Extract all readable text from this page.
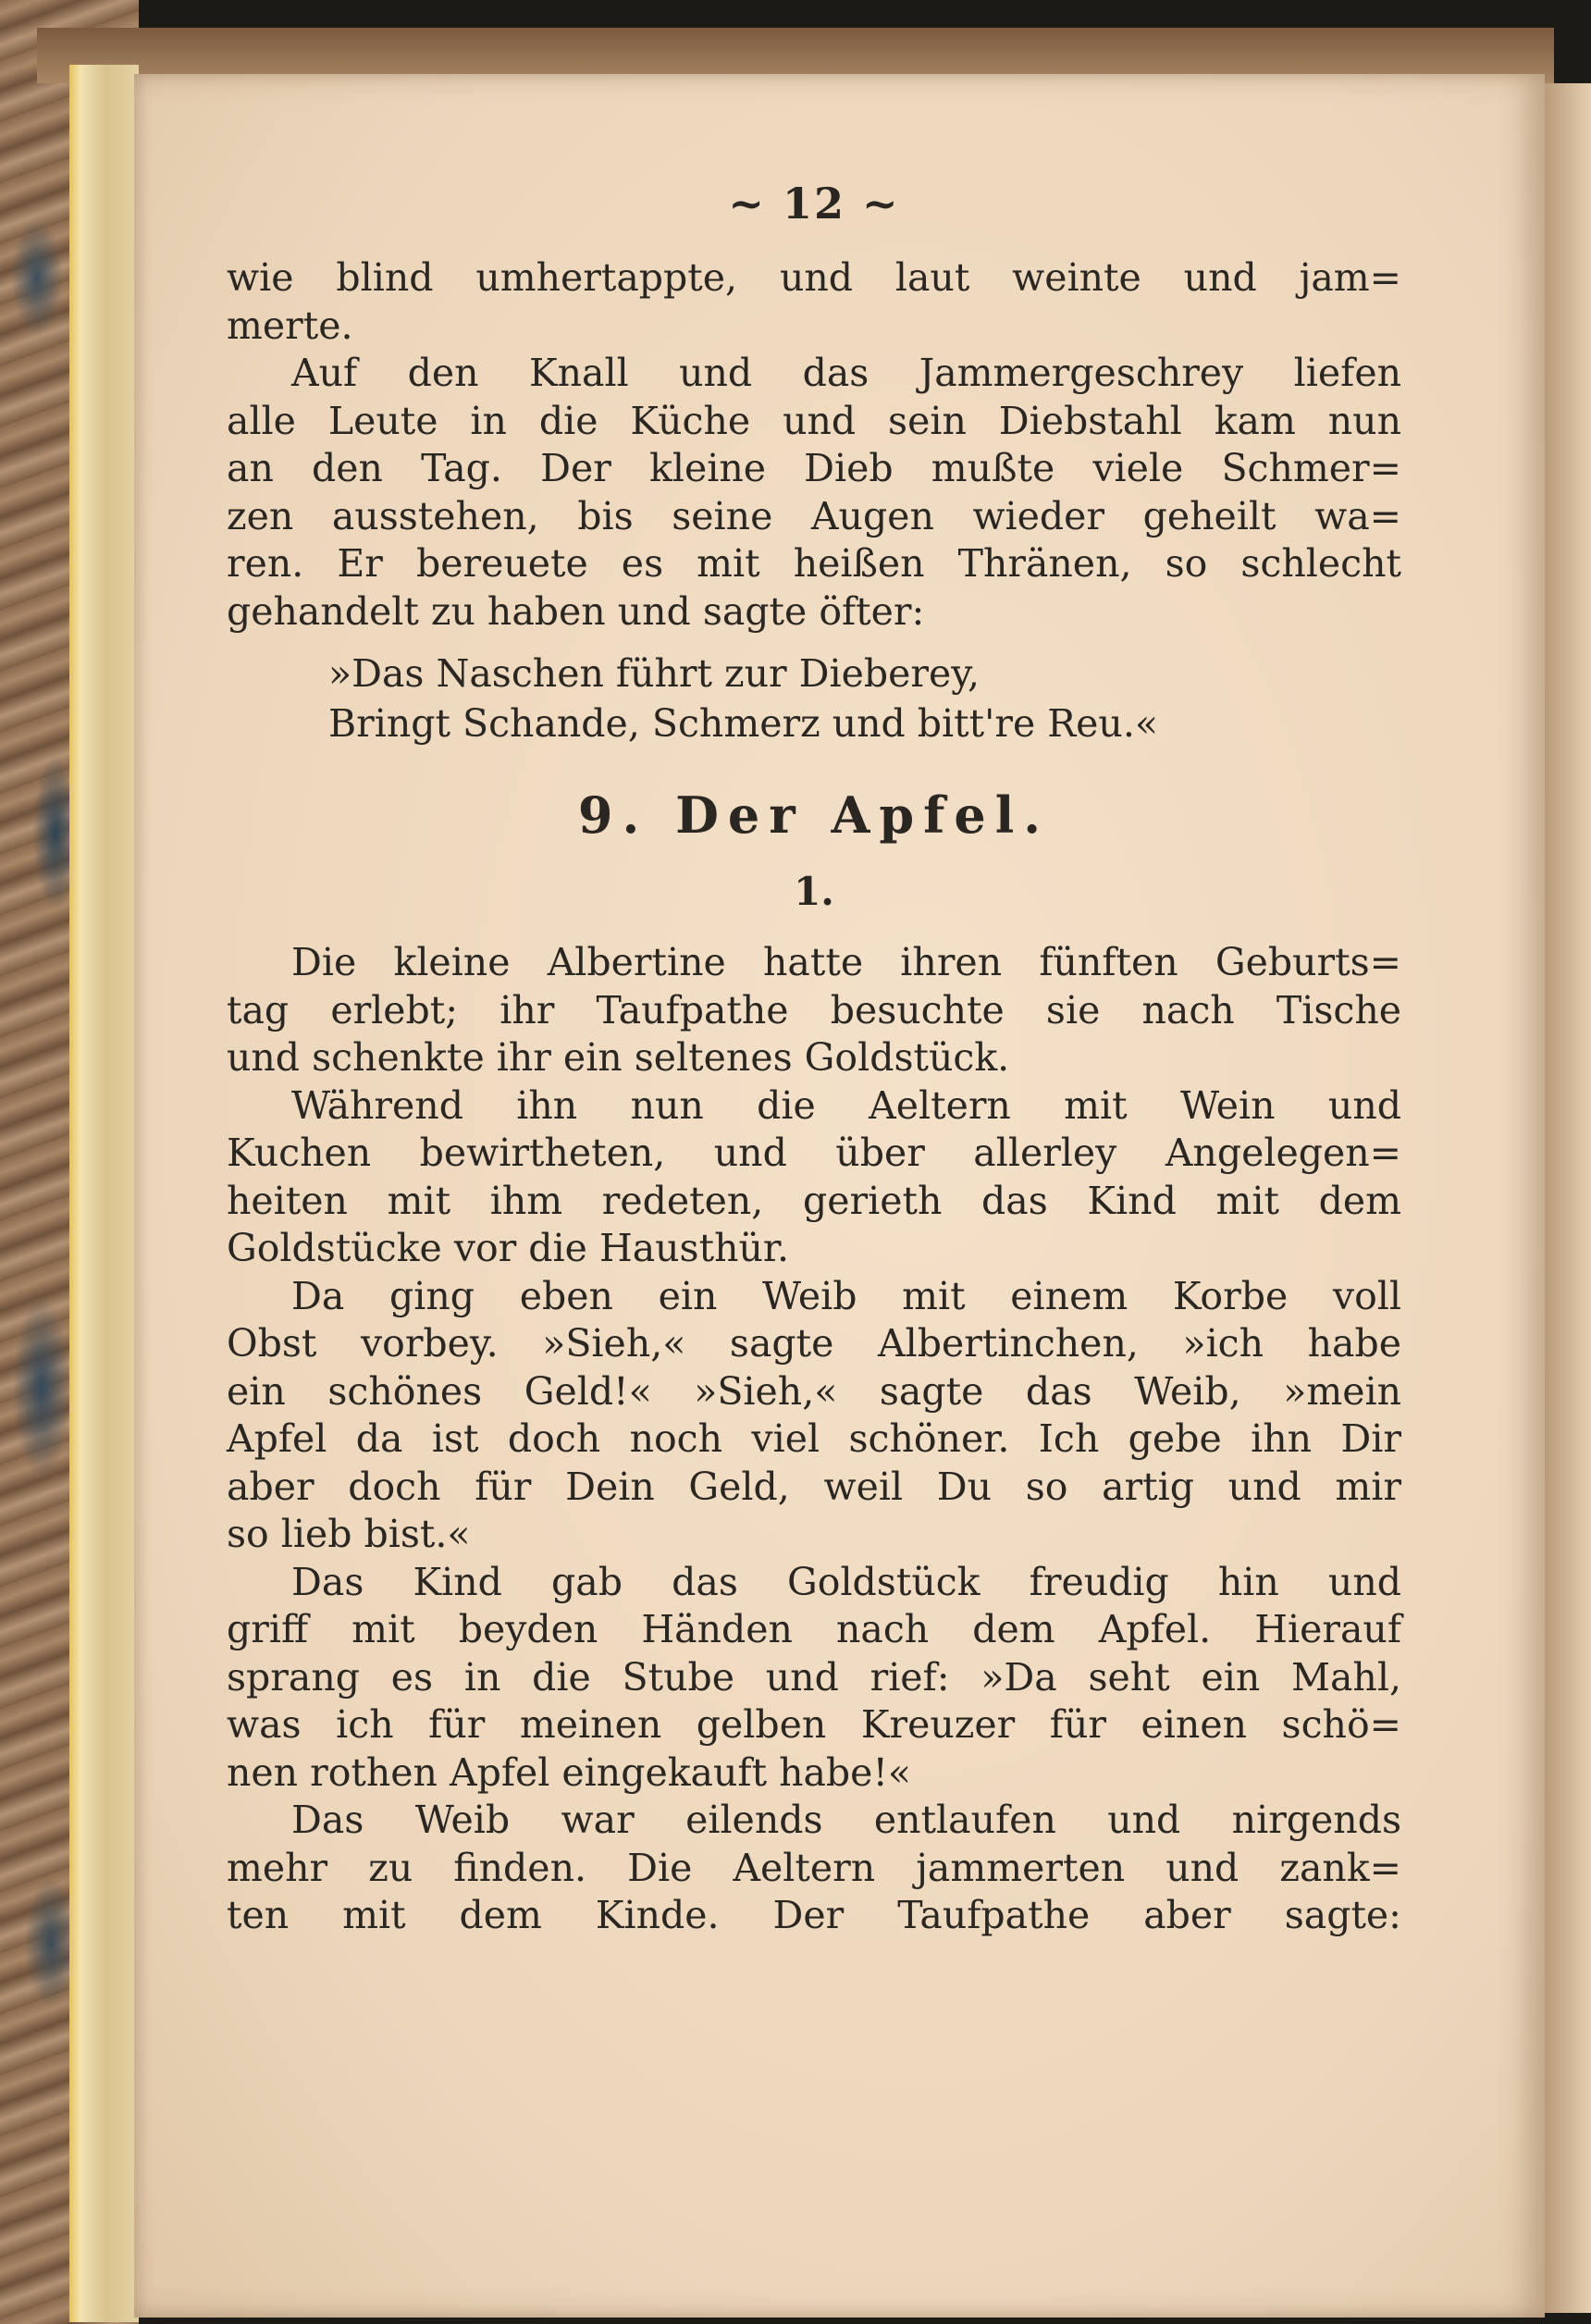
~ 12 ~
wie blind umhertappte, und laut weinte und jam=
merte.
Auf den Knall und das Jammergeschrey liefen
alle Leute in die Küche und sein Diebstahl kam nun
an den Tag. Der kleine Dieb mußte viele Schmer=
zen ausstehen, bis seine Augen wieder geheilt wa=
ren. Er bereuete es mit heißen Thränen, so schlecht
gehandelt zu haben und sagte öfter:
»Das Naschen führt zur Dieberey,
Bringt Schande, Schmerz und bitt're Reu.«
9. Der Apfel.
1.
Die kleine Albertine hatte ihren fünften Geburts=
tag erlebt; ihr Taufpathe besuchte sie nach Tische
und schenkte ihr ein seltenes Goldstück.
Während ihn nun die Aeltern mit Wein und
Kuchen bewirtheten, und über allerley Angelegen=
heiten mit ihm redeten, gerieth das Kind mit dem
Goldstücke vor die Hausthür.
Da ging eben ein Weib mit einem Korbe voll
Obst vorbey. »Sieh,« sagte Albertinchen, »ich habe
ein schönes Geld!« »Sieh,« sagte das Weib, »mein
Apfel da ist doch noch viel schöner. Ich gebe ihn Dir
aber doch für Dein Geld, weil Du so artig und mir
so lieb bist.«
Das Kind gab das Goldstück freudig hin und
griff mit beyden Händen nach dem Apfel. Hierauf
sprang es in die Stube und rief: »Da seht ein Mahl,
was ich für meinen gelben Kreuzer für einen schö=
nen rothen Apfel eingekauft habe!«
Das Weib war eilends entlaufen und nirgends
mehr zu finden. Die Aeltern jammerten und zank=
ten mit dem Kinde. Der Taufpathe aber sagte:
